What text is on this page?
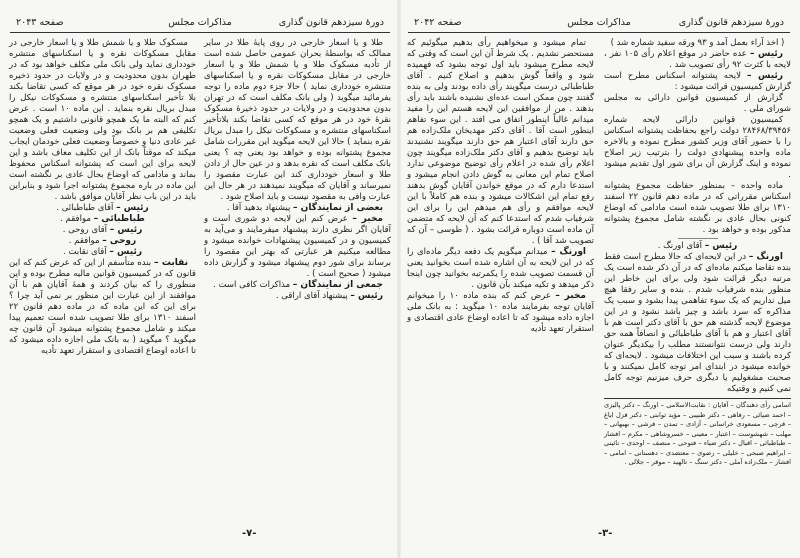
دورهٔ سیزدهم قانون گذاری
مذاکرات مجلس
صفحه ۲۰۴۳

طلا و یا اسعار خارجی در روی پایهٔ طلا در سایر ممالک که بواسطهٔ بحران عمومی حاصل شده است از تأدیه مسکوک طلا و یا شمش طلا و یا اسعار خارجی در مقابل مسکوکات نقره و یا اسکناسهای منتشره خودداری نماید ) حالا جزء دوم ماده را توجه بفرمائید میگوید ( ولی بانک مکلف است که در تهران بدون محدودیت و در ولایات در حدود ذخیرهٔ مسکوک نقرهٔ خود در هر موقع که کسی تقاضا بکند بلاتأخیر اسکناسهای منتشره و مسکوکات نیکل را مبدل بریال نقره بنماید ) حالا این لایحه میگوید این مقررات شامل مجموع پشتوانه بوده و خواهد بود یعنی چه ؟ یعنی بانک مکلف است که نقره بدهد و در عین حال از دادن طلا و اسعار خودداری کند این عبارت مقصود را نمیرساند و آقایان که میگویند نمیدهند در هر حال این عبارت وافی به مقصود نیست و باید اصلاح شود .

بعضی از نمایندگان – پیشنهاد بدهید آقا .

مخبر – عرض کنم این لایحه دو شوری است و آقایان اگر نظری دارند پیشنهاد میفرمایند و می‌آید به کمیسیون و در کمیسیون پیشنهادات خوانده میشود و مطالعه میکنیم هر عبارتی که بهتر این مقصود را برساند برای شور دوم پیشنهاد میشود و گزارش داده میشود ( صحیح است ) .

جمعی از نمایندگان – مذاکرات کافی است .

رئیس – پیشنهاد آقای اراقی .

مسکوک طلا و یا شمش طلا و یا اسعار خارجی در مقابل مسکوکات نقره و یا اسکناسهای منتشره خودداری نماید ولی بانک ملی مکلف خواهد بود که در طهران بدون محدودیت و در ولایات در حدود ذخیره مسکوک نقره خود در هر موقع که کسی تقاضا بکند بلا تأخیر اسکناسهای منتشره و مسکوکات نیکل را مبدل بریال نقره بنماید . این ماده ۱۰ است . عرض کنم که البته ما یک همچو قانونی داشتیم و یک همچو تکلیفی هم بر بانک بود ولی وضعیت فعلی وضعیت غیر عادی دنیا و خصوصاً وضعیت فعلی خودمان ایجاب میکند که موقتاً بانک از این تکلیف معاف باشد و این لایحه برای این است که پشتوانه اسکناس محفوظ بماند و مادامی که اوضاع بحال عادی بر نگشته است این ماده در باره مجموع پشتوانه اجرا شود و بنابراین باید در این باب نظر آقایان موافق باشد .

رئیس – آقای طباطبائی .

طباطبائی – موافقم .

رئیس – آقای روحی .

روحی – موافقم .

رئیس – آقای نقابت .

نقابت – بنده متأسفم از این که عرض کنم که این قانون که در کمیسیون قوانین مالیه مطرح بوده و این منظوری را که بیان کردند و همهٔ آقایان هم با آن موافقند از این عبارت این منظور بر نمی آید چرا ؟ برای این که این ماده که در ماده دهم قانون ۲۲ اسفند ۱۳۱۰ برای طلا تصویب شده است تعمیم پیدا میکند و شامل مجموع پشتوانه میشود آن قانون چه میگوید ؟ میگوید ( به بانک ملی اجازه داده میشود که تا اعاده اوضاع اقتصادی و استقرار تعهد تأدیه

-۷-
دورهٔ سیزدهم قانون گذاری
مذاکرات مجلس
صفحه ۲۰۴۲

( اخذ آراء بعمل آمد و ۹۳ ورقه سفید شماره شد )

رئیس – عده حاضر در موقع اعلام رأی ۱۰۵ نفر ، لایحه با کثرت ۹۲ رأی تصویب شد .

رئیس – لایحه پشتوانه اسکناس مطرح است گزارش کمیسیون قرائت میشود :

گزارش از کمیسیون قوانین دارائی به مجلس شورای ملی .

کمیسیون قوانین دارائی لایحه شماره ۲۸۴۶۸/۳۹۴۵۶ دولت راجع بحفاظت پشتوانه اسکناس را با حضور آقای وزیر کشور مطرح نموده و بالاخره ماده واحده پیشنهادی دولت را بترتیب زیر اصلاح نموده و اینک گزارش آن برای شور اول تقدیم میشود .

ماده واحده – بمنظور حفاظت مجموع پشتوانه اسکناس مقرراتی که در ماده دهم قانون ۲۲ اسفند ۱۳۱۰ برای طلا تصویب شده است مادامی که اوضاع کنونی بحال عادی بر نگشته شامل مجموع پشتوانه مذکور بوده و خواهد بود .

رئیس – آقای اورنگ .

اورنگ – در این لایحه‌ای که حالا مطرح است فقط بنده تقاضا میکنم ماده‌ای که در آن ذکر شده است یک مرتبه دیگر قرائت شود ولی برای این خاطر این منظور بنده شرفیاب شدم . بنده و سایر رفقا هیچ میل نداریم که یک سوء تفاهمی پیدا بشود و سبب یک مذاکره که سرد باشد و چیز باشد نشود و در این موضوع لایحه گذشته هم حق با آقای دکتر است هم با آقای اعتبار و هم با آقای طباطبائی و انصافاً همه حق دارند ولی درست نتوانستند مطلب را بیکدیگر عنوان کرده باشند و سبب این اختلافات میشود . لایحه‌ای که خوانده میشود در ابتدای امر توجه کامل نمیکنند و با صحبت مشغولیم یا دیگری حرف میزنیم توجه کامل نمی کنیم و وقتیکه

اسامی رأی دهندگان – آقایان : نقابت‌الاسلامی – اورنگ – دکتر پالیزی – احمد ضیائی – رفاهی – دکتر طبیبی – مؤید ثوابتی – دکتر قزل ایاغ – قرچی – مسعودی خراسانی – آزادی – تمدن – فرشی – بهبهانی – مهلب – شهشوست – اعتبار – معینی – خسروشاهی – مکرم – افشار – طباطبائی – اقبال – دکتر ضیاء – فتوحی – منصف – اوحدی – نائینی – ابراهیم صبحی – خلیلی – رضوی – معتضدی – دهستانی – امامی – افشار – ملک‌زاده آملی – دکتر سنگ – تالهید – موقر – جلالی .

تمام میشود و میخواهیم رأی بدهیم میگوئیم که مستحضر نشدیم . یک شرط آن این است که وقتی که لایحه مطرح میشود باید اول توجه بشود که فهمیده شود و واقعاً گوش بدهیم و اصلاح کنیم . آقای طباطبائی درست میگویند رأی داده بودند ولی به بنده گفتند چون ممکن است عده‌ای نشنیده باشند باید رأی بدهند . من از موافقین این لایحه هستم این را مفید میدانم غالباً اینطور اتفاق می افتد . این سوء تفاهم اینطور است آقا . آقای دکتر مهدیخان ملک‌زاده هم حق دارند آقای اعتبار هم حق دارند میگویند نشنیدند باید توضیح بدهیم و آقای دکتر ملک‌زاده میگویند چون اعلام رأی شده در اعلام رأی توضیح موضوعی ندارد اصلاح تمام این معانی به گوش دادن انجام میشود و استدعا دارم که در موقع خواندن آقایان گوش بدهند رفع تمام این اشکالات میشود و بنده هم کاملاً با این لایحه موافقم و رأی هم میدهم این را برای این شرفیاب شدم که استدعا کنم که آن لایحه که متضمن آن ماده است دوباره قرائت بشود . ( طوسی – آن که تصویب شد آقا ) .

اورنگ – میدانم میگویم یک دفعه دیگر ماده‌ای را که در این لایحه به آن اشاره شده است بخوانید یعنی آن قسمت تصویب شده را یکمرتبه بخوانید چون اینجا ذکر میدهد و تکیه میکند بآن قانون .

مخبر – عرض کنم که بنده ماده ۱۰ را میخوانم آقایان توجه بفرمایند ماده ۱۰ میگوید : به بانک ملی اجازه داده میشود که تا اعاده اوضاع عادی اقتصادی و استقرار تعهد تأدیه

-۳-
